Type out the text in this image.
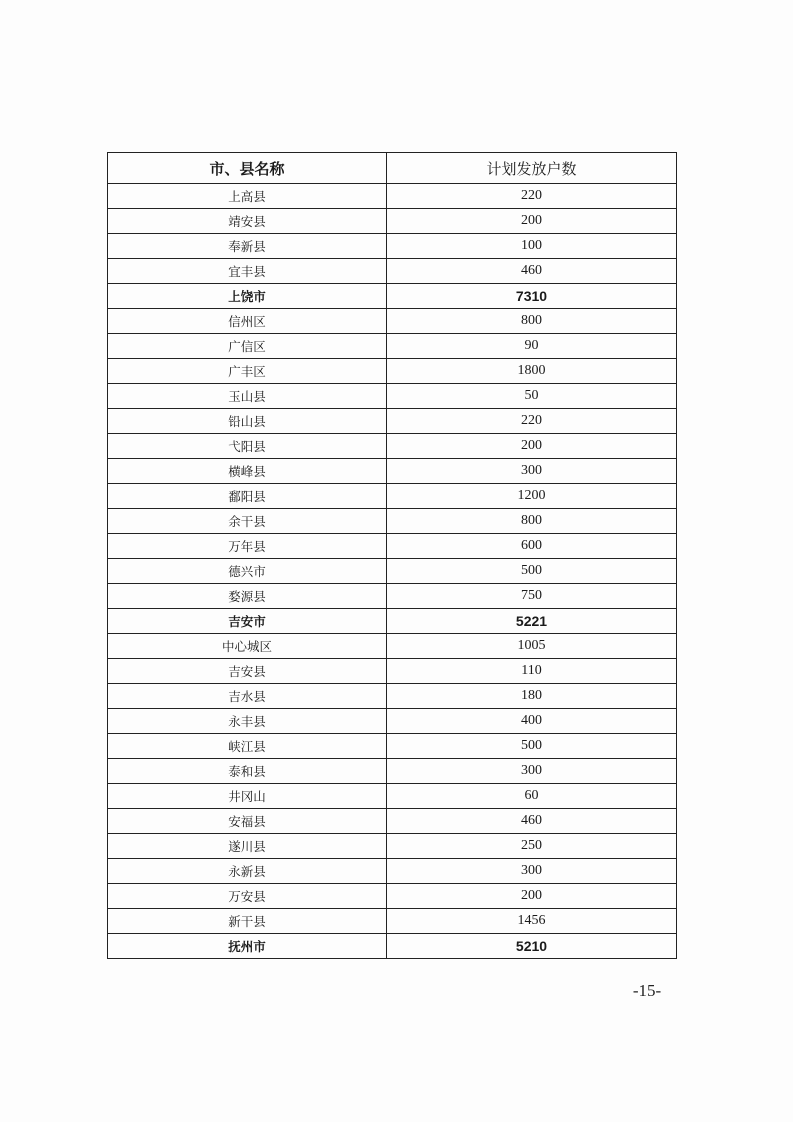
市、县名称	计划发放户数
上高县	220
靖安县	200
奉新县	100
宜丰县	460
上饶市	7310
信州区	800
广信区	90
广丰区	1800
玉山县	50
铅山县	220
弋阳县	200
横峰县	300
鄱阳县	1200
余干县	800
万年县	600
德兴市	500
婺源县	750
吉安市	5221
中心城区	1005
吉安县	110
吉水县	180
永丰县	400
峡江县	500
泰和县	300
井冈山	60
安福县	460
遂川县	250
永新县	300
万安县	200
新干县	1456
抚州市	5210
-15-
